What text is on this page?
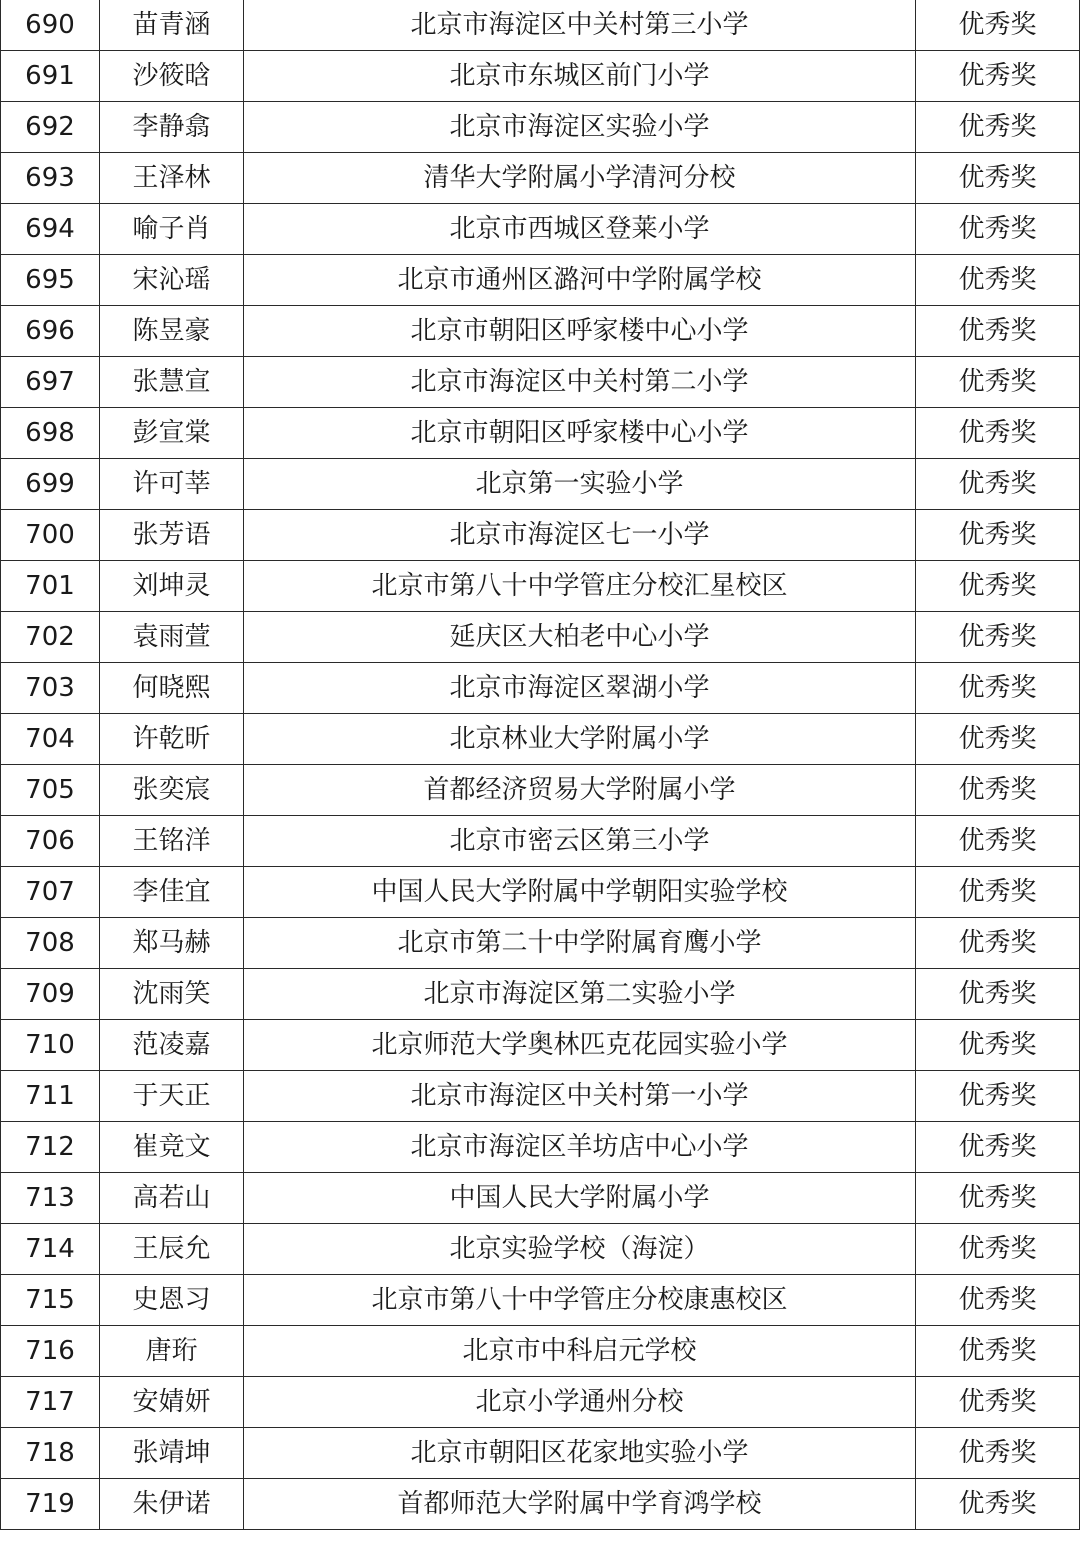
690	苗青涵	北京市海淀区中关村第三小学	优秀奖
691	沙筱晗	北京市东城区前门小学	优秀奖
692	李静翕	北京市海淀区实验小学	优秀奖
693	王泽林	清华大学附属小学清河分校	优秀奖
694	喻子肖	北京市西城区登莱小学	优秀奖
695	宋沁瑶	北京市通州区潞河中学附属学校	优秀奖
696	陈昱豪	北京市朝阳区呼家楼中心小学	优秀奖
697	张慧宣	北京市海淀区中关村第二小学	优秀奖
698	彭宣棠	北京市朝阳区呼家楼中心小学	优秀奖
699	许可莘	北京第一实验小学	优秀奖
700	张芳语	北京市海淀区七一小学	优秀奖
701	刘坤灵	北京市第八十中学管庄分校汇星校区	优秀奖
702	袁雨萱	延庆区大柏老中心小学	优秀奖
703	何晓熙	北京市海淀区翠湖小学	优秀奖
704	许乾昕	北京林业大学附属小学	优秀奖
705	张奕宸	首都经济贸易大学附属小学	优秀奖
706	王铭洋	北京市密云区第三小学	优秀奖
707	李佳宜	中国人民大学附属中学朝阳实验学校	优秀奖
708	郑马赫	北京市第二十中学附属育鹰小学	优秀奖
709	沈雨笑	北京市海淀区第二实验小学	优秀奖
710	范凌嘉	北京师范大学奥林匹克花园实验小学	优秀奖
711	于天正	北京市海淀区中关村第一小学	优秀奖
712	崔竞文	北京市海淀区羊坊店中心小学	优秀奖
713	高若山	中国人民大学附属小学	优秀奖
714	王辰允	北京实验学校（海淀）	优秀奖
715	史恩习	北京市第八十中学管庄分校康惠校区	优秀奖
716	唐珩	北京市中科启元学校	优秀奖
717	安婧妍	北京小学通州分校	优秀奖
718	张靖坤	北京市朝阳区花家地实验小学	优秀奖
719	朱伊诺	首都师范大学附属中学育鸿学校	优秀奖
